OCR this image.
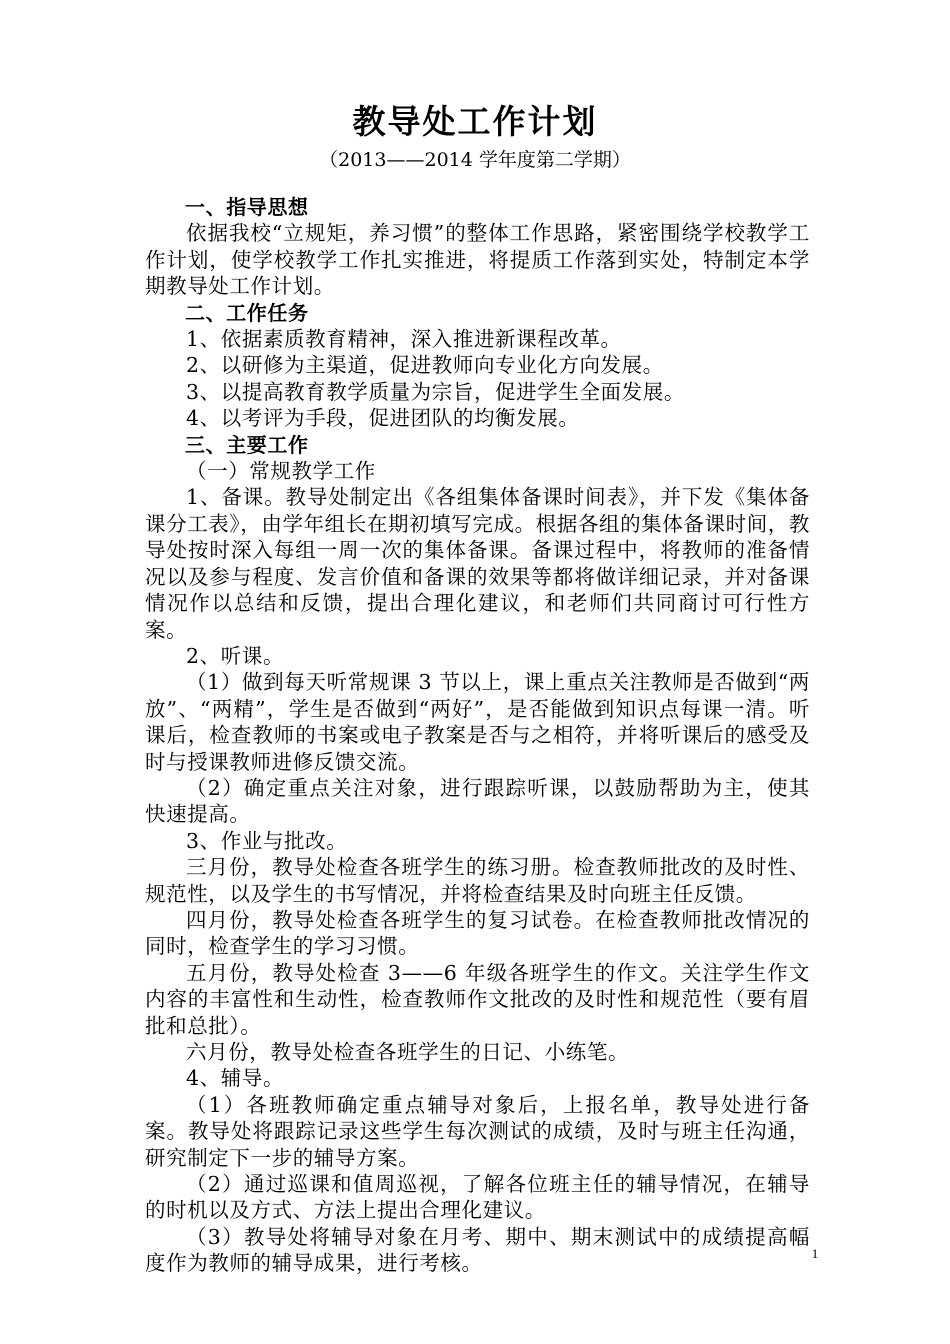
教导处工作计划
（2013——2014 学年度第二学期）

一、指导思想

依据我校“立规矩，养习惯”的整体工作思路，紧密围绕学校教学工作计划，使学校教学工作扎实推进，将提质工作落到实处，特制定本学期教导处工作计划。

二、工作任务

1、依据素质教育精神，深入推进新课程改革。

2、以研修为主渠道，促进教师向专业化方向发展。

3、以提高教育教学质量为宗旨，促进学生全面发展。

4、以考评为手段，促进团队的均衡发展。

三、主要工作

（一）常规教学工作

1、备课。教导处制定出《各组集体备课时间表》，并下发《集体备课分工表》，由学年组长在期初填写完成。根据各组的集体备课时间，教导处按时深入每组一周一次的集体备课。备课过程中，将教师的准备情况以及参与程度、发言价值和备课的效果等都将做详细记录，并对备课情况作以总结和反馈，提出合理化建议，和老师们共同商讨可行性方案。

2、听课。

（1）做到每天听常规课 3 节以上，课上重点关注教师是否做到“两放”、“两精”，学生是否做到“两好”，是否能做到知识点每课一清。听课后，检查教师的书案或电子教案是否与之相符，并将听课后的感受及时与授课教师进修反馈交流。

（2）确定重点关注对象，进行跟踪听课，以鼓励帮助为主，使其快速提高。

3、作业与批改。

三月份，教导处检查各班学生的练习册。检查教师批改的及时性、规范性，以及学生的书写情况，并将检查结果及时向班主任反馈。

四月份，教导处检查各班学生的复习试卷。在检查教师批改情况的同时，检查学生的学习习惯。

五月份，教导处检查 3——6 年级各班学生的作文。关注学生作文内容的丰富性和生动性，检查教师作文批改的及时性和规范性（要有眉批和总批）。

六月份，教导处检查各班学生的日记、小练笔。

4、辅导。

（1）各班教师确定重点辅导对象后，上报名单，教导处进行备案。教导处将跟踪记录这些学生每次测试的成绩，及时与班主任沟通，研究制定下一步的辅导方案。

（2）通过巡课和值周巡视，了解各位班主任的辅导情况，在辅导的时机以及方式、方法上提出合理化建议。

（3）教导处将辅导对象在月考、期中、期末测试中的成绩提高幅度作为教师的辅导成果，进行考核。	1
